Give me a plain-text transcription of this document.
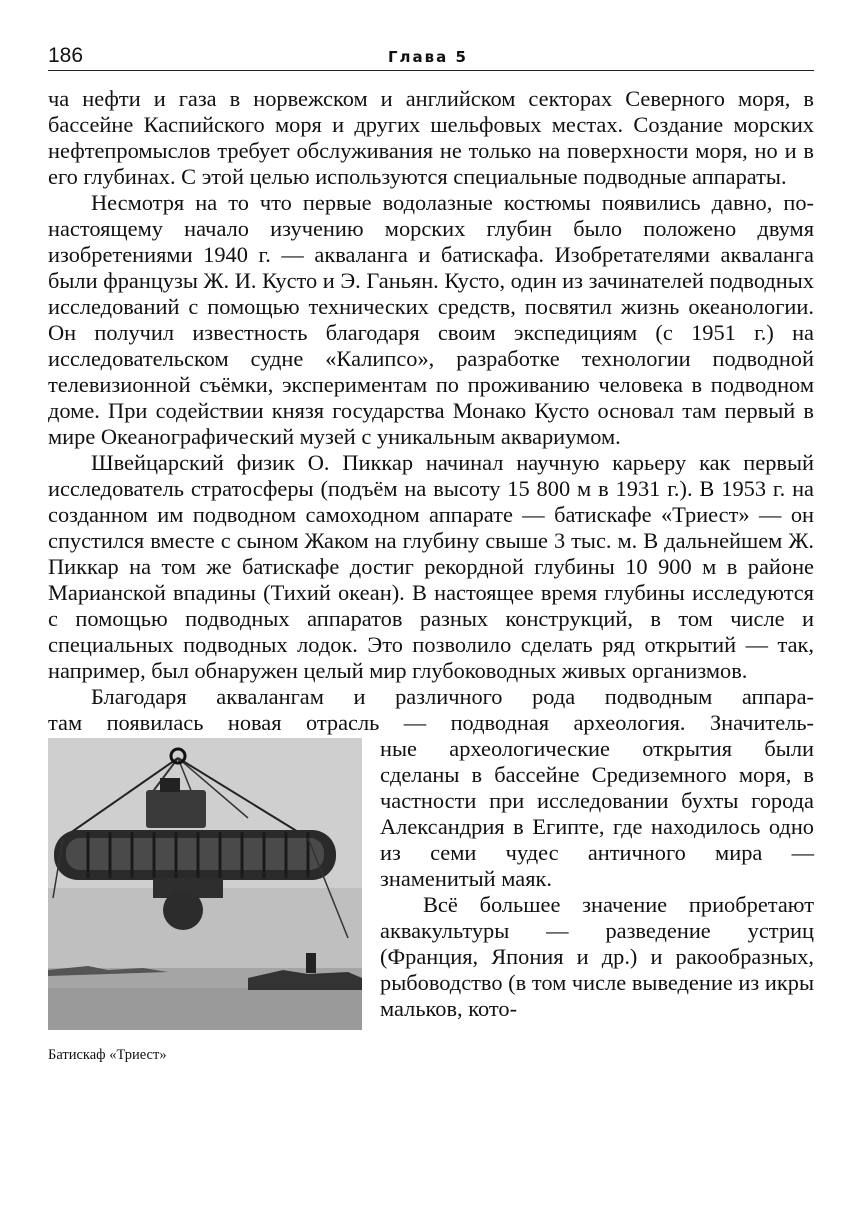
186	Глава 5

ча нефти и газа в норвежском и английском секторах Северного моря, в бассейне Каспийского моря и других шельфовых местах. Создание морских нефтепромыслов требует обслуживания не только на поверхности моря, но и в его глубинах. С этой целью используются специальные подводные аппараты.

Несмотря на то что первые водолазные костюмы появились давно, по-настоящему начало изучению морских глубин было положено двумя изобретениями 1940 г. — акваланга и батискафа. Изобретателями акваланга были французы Ж. И. Кусто и Э. Ганьян. Кусто, один из зачинателей подводных исследований с помощью технических средств, посвятил жизнь океанологии. Он получил известность благодаря своим экспедициям (с 1951 г.) на исследовательском судне «Калипсо», разработке технологии подводной телевизионной съёмки, экспериментам по проживанию человека в подводном доме. При содействии князя государства Монако Кусто основал там первый в мире Океанографический музей с уникальным аквариумом.

Швейцарский физик О. Пиккар начинал научную карьеру как первый исследователь стратосферы (подъём на высоту 15 800 м в 1931 г.). В 1953 г. на созданном им подводном самоходном аппарате — батискафе «Триест» — он спустился вместе с сыном Жаком на глубину свыше 3 тыс. м. В дальнейшем Ж. Пиккар на том же батискафе достиг рекордной глубины 10 900 м в районе Марианской впадины (Тихий океан). В настоящее время глубины исследуются с помощью подводных аппаратов разных конструкций, в том числе и специальных подводных лодок. Это позволило сделать ряд открытий — так, например, был обнаружен целый мир глубоководных живых организмов.

Благодаря аквалангам и различного рода подводным аппара-
там появилась новая отрасль — подводная археология. Значитель-
Батискаф «Триест»

ные археологические открытия были сделаны в бассейне Средиземного моря, в частности при исследовании бухты города Александрия в Египте, где находилось одно из семи чудес античного мира — знаменитый маяк.

Всё большее значение приобретают аквакультуры — разведение устриц (Франция, Япония и др.) и ракообразных, рыбоводство (в том числе выведение из икры мальков, кото-
